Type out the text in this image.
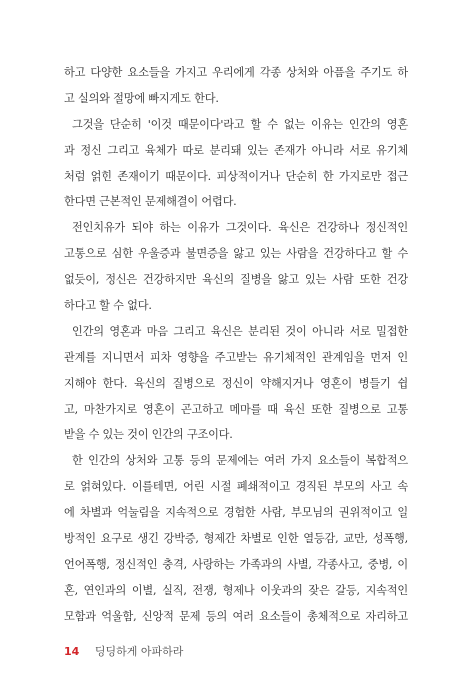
하고 다양한 요소들을 가지고 우리에게 각종 상처와 아픔을 주기도 하
고 실의와 절망에 빠지게도 한다.
그것을 단순히 '이것 때문이다'라고 할 수 없는 이유는 인간의 영혼
과 정신 그리고 육체가 따로 분리돼 있는 존재가 아니라 서로 유기체
처럼 얽힌 존재이기 때문이다. 피상적이거나 단순히 한 가지로만 접근
한다면 근본적인 문제해결이 어렵다.
전인치유가 되야 하는 이유가 그것이다. 육신은 건강하나 정신적인
고통으로 심한 우울증과 불면증을 앓고 있는 사람을 건강하다고 할 수
없듯이, 정신은 건강하지만 육신의 질병을 앓고 있는 사람 또한 건강
하다고 할 수 없다.
인간의 영혼과 마음 그리고 육신은 분리된 것이 아니라 서로 밀접한
관계를 지니면서 피차 영향을 주고받는 유기체적인 관계임을 먼저 인
지해야 한다. 육신의 질병으로 정신이 약해지거나 영혼이 병들기 쉽
고, 마찬가지로 영혼이 곤고하고 메마를 때 육신 또한 질병으로 고통
받을 수 있는 것이 인간의 구조이다.
한 인간의 상처와 고통 등의 문제에는 여러 가지 요소들이 복합적으
로 얽혀있다. 이를테면, 어린 시절 폐쇄적이고 경직된 부모의 사고 속
에 차별과 억눌림을 지속적으로 경험한 사람, 부모님의 권위적이고 일
방적인 요구로 생긴 강박증, 형제간 차별로 인한 열등감, 교만, 성폭행,
언어폭행, 정신적인 충격, 사랑하는 가족과의 사별, 각종사고, 중병, 이
혼, 연인과의 이별, 실직, 전쟁, 형제나 이웃과의 잦은 갈등, 지속적인
모함과 억울함, 신앙적 문제 등의 여러 요소들이 총체적으로 자리하고
14 딩딩하게 아파하라
